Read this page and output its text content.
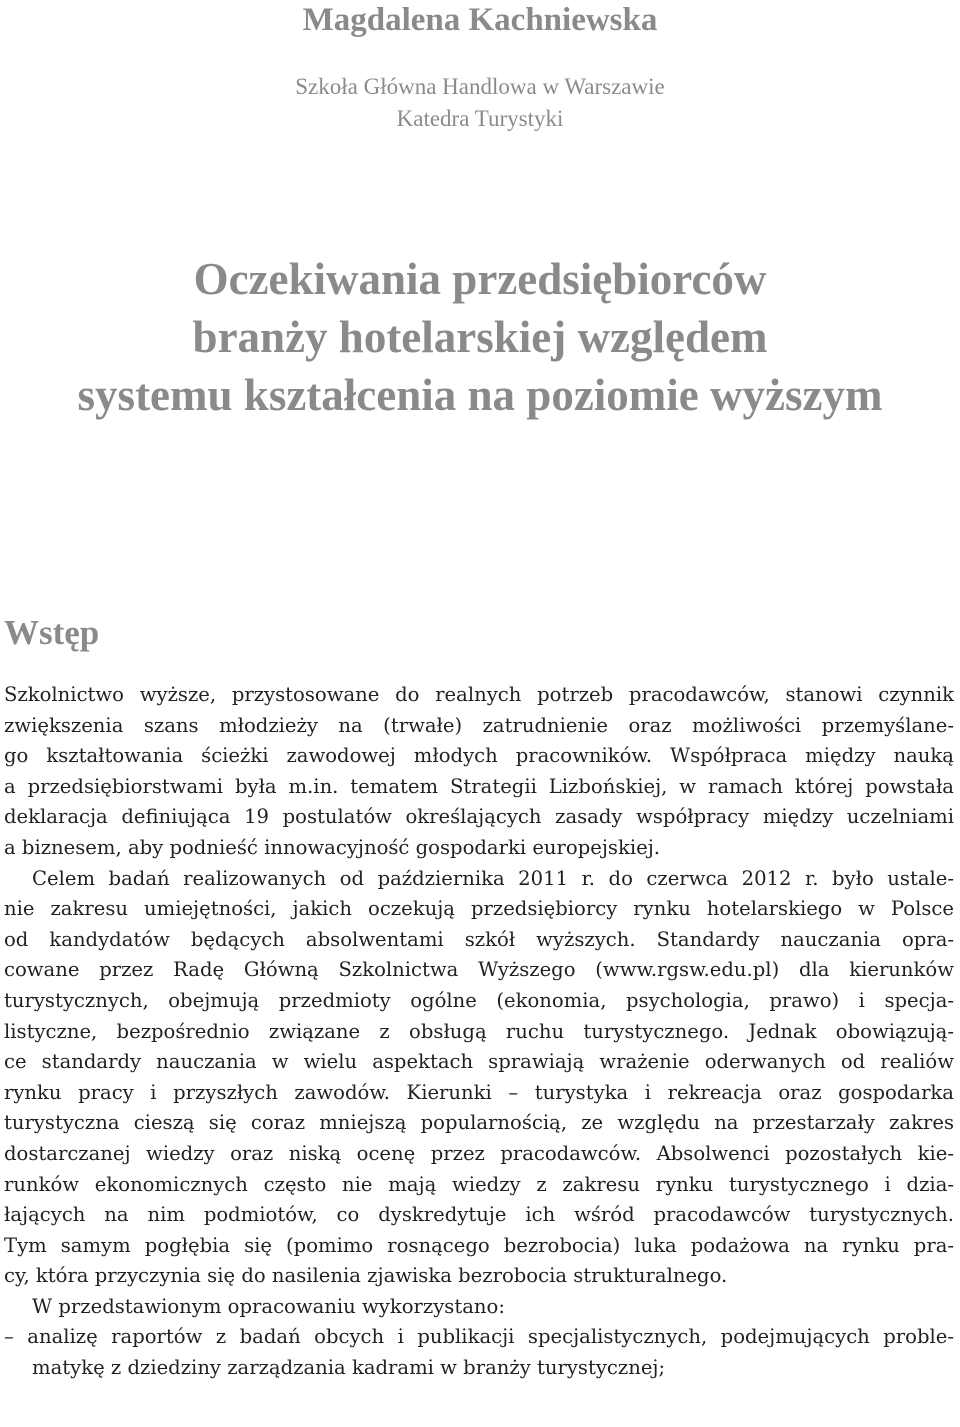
Magdalena Kachniewska
Szkoła Główna Handlowa w Warszawie
Katedra Turystyki
Oczekiwania przedsiębiorców
branży hotelarskiej względem
systemu kształcenia na poziomie wyższym
Wstęp
Szkolnictwo wyższe, przystosowane do realnych potrzeb pracodawców, stanowi czynnik
zwiększenia szans młodzieży na (trwałe) zatrudnienie oraz możliwości przemyślane-
go kształtowania ścieżki zawodowej młodych pracowników. Współpraca między nauką
a przedsiębiorstwami była m.in. tematem Strategii Lizbońskiej, w ramach której powstała
deklaracja definiująca 19 postulatów określających zasady współpracy między uczelniami
a biznesem, aby podnieść innowacyjność gospodarki europejskiej.
Celem badań realizowanych od października 2011 r. do czerwca 2012 r. było ustale-
nie zakresu umiejętności, jakich oczekują przedsiębiorcy rynku hotelarskiego w Polsce
od kandydatów będących absolwentami szkół wyższych. Standardy nauczania opra-
cowane przez Radę Główną Szkolnictwa Wyższego (www.rgsw.edu.pl) dla kierunków
turystycznych, obejmują przedmioty ogólne (ekonomia, psychologia, prawo) i specja-
listyczne, bezpośrednio związane z obsługą ruchu turystycznego. Jednak obowiązują-
ce standardy nauczania w wielu aspektach sprawiają wrażenie oderwanych od realiów
rynku pracy i przyszłych zawodów. Kierunki – turystyka i rekreacja oraz gospodarka
turystyczna cieszą się coraz mniejszą popularnością, ze względu na przestarzały zakres
dostarczanej wiedzy oraz niską ocenę przez pracodawców. Absolwenci pozostałych kie-
runków ekonomicznych często nie mają wiedzy z zakresu rynku turystycznego i dzia-
łających na nim podmiotów, co dyskredytuje ich wśród pracodawców turystycznych.
Tym samym pogłębia się (pomimo rosnącego bezrobocia) luka podażowa na rynku pra-
cy, która przyczynia się do nasilenia zjawiska bezrobocia strukturalnego.
W przedstawionym opracowaniu wykorzystano:
– analizę raportów z badań obcych i publikacji specjalistycznych, podejmujących proble-
matykę z dziedziny zarządzania kadrami w branży turystycznej;
